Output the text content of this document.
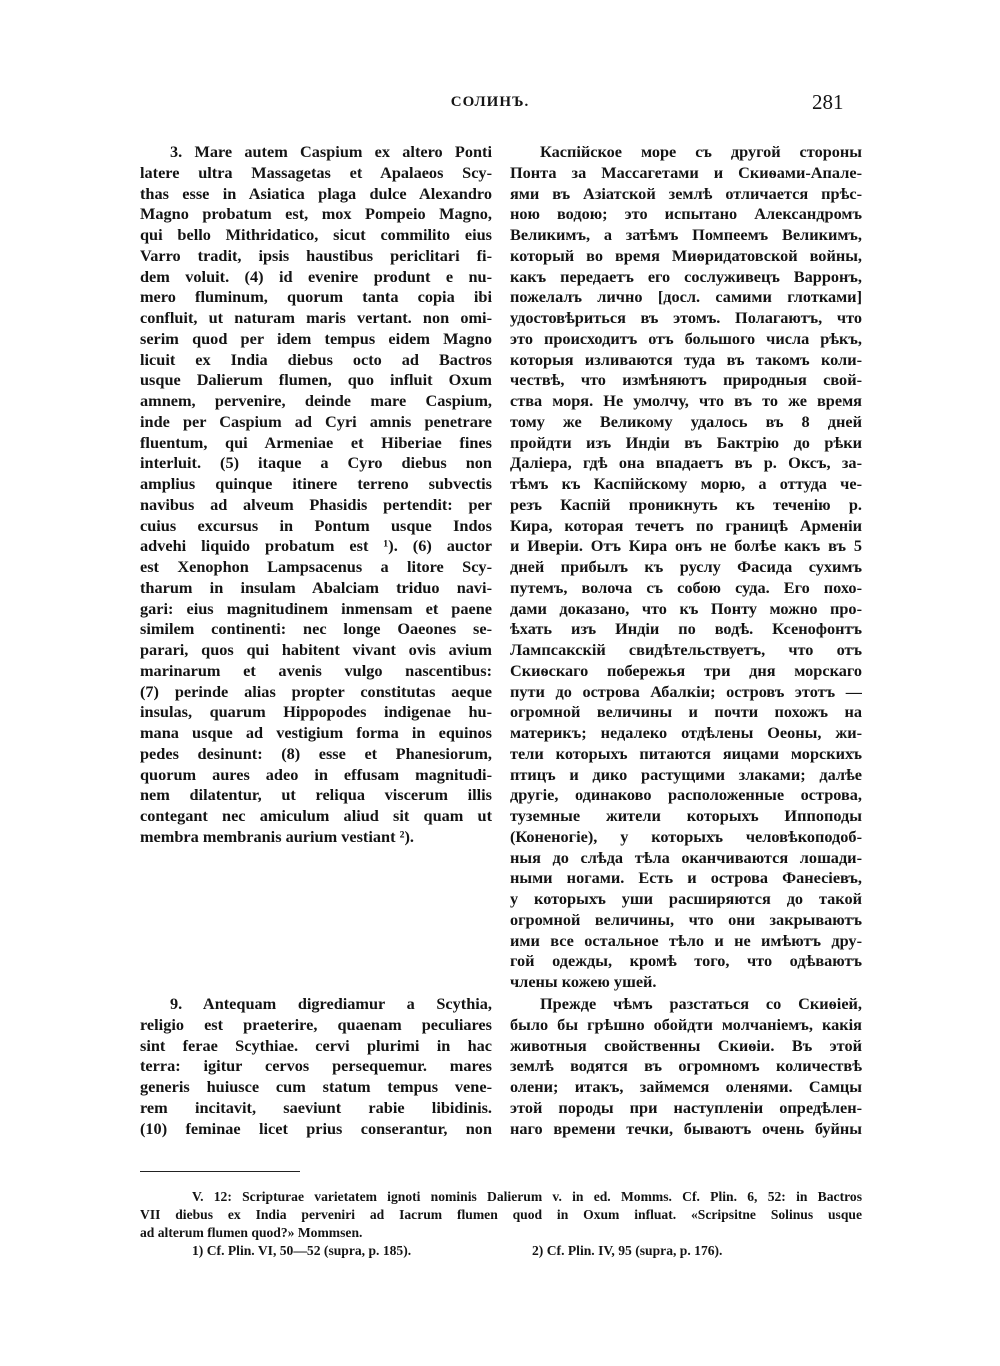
СОЛИНЪ.	281
3. Mare autem Caspium ex altero Ponti
latere ultra Massagetas et Apalaeos Scy-
thas esse in Asiatica plaga dulce Alexandro
Magno probatum est, mox Pompeio Magno,
qui bello Mithridatico, sicut commilito eius
Varro tradit, ipsis haustibus periclitari fi-
dem voluit. (4) id evenire produnt e nu-
mero fluminum, quorum tanta copia ibi
confluit, ut naturam maris vertant. non omi-
serim quod per idem tempus eidem Magno
licuit ex India diebus octo ad Bactros
usque Dalierum flumen, quo influit Oxum
amnem, pervenire, deinde mare Caspium,
inde per Caspium ad Cyri amnis penetrare
fluentum, qui Armeniae et Hiberiae fines
interluit. (5) itaque a Cyro diebus non
amplius quinque itinere terreno subvectis
navibus ad alveum Phasidis pertendit: per
cuius excursus in Pontum usque Indos
advehi liquido probatum est ¹). (6) auctor
est Xenophon Lampsacenus a litore Scy-
tharum in insulam Abalciam triduo navi-
gari: eius magnitudinem inmensam et paene
similem continenti: nec longe Oaeones se-
parari, quos qui habitent vivant ovis avium
marinarum et avenis vulgo nascentibus:
(7) perinde alias propter constitutas aeque
insulas, quarum Hippopodes indigenae hu-
mana usque ad vestigium forma in equinos
pedes desinunt: (8) esse et Phanesiorum,
quorum aures adeo in effusam magnitudi-
nem dilatentur, ut reliqua viscerum illis
contegant nec amiculum aliud sit quam ut
membra membranis aurium vestiant ²).
9. Antequam digrediamur a Scythia,
religio est praeterire, quaenam peculiares
sint ferae Scythiae. cervi plurimi in hac
terra: igitur cervos persequemur. mares
generis huiusce cum statum tempus vene-
rem incitavit, saeviunt rabie libidinis.
(10) feminae licet prius conserantur, non
Каспійское море съ другой стороны
Понта за Массагетами и Скиѳами-Апале-
ями въ Азіатской землѣ отличается прѣс-
ною водою; это испытано Александромъ
Великимъ, а затѣмъ Помпеемъ Великимъ,
который во время Миѳридатовской войны,
какъ передаетъ его сослуживецъ Варронъ,
пожелалъ лично [досл. самими глотками]
удостовѣриться въ этомъ. Полагаютъ, что
это происходитъ отъ большого числа рѣкъ,
которыя изливаются туда въ такомъ коли-
чествѣ, что измѣняютъ природныя свой-
ства моря. Не умолчу, что въ то же время
тому же Великому удалось въ 8 дней
пройдти изъ Индіи въ Бактрію до рѣки
Даліера, гдѣ она впадаетъ въ р. Оксъ, за-
тѣмъ къ Каспійскому морю, а оттуда че-
резъ Каспій проникнуть къ теченію р.
Кира, которая течетъ по границѣ Арменіи
и Иверіи. Отъ Кира онъ не болѣе какъ въ 5
дней прибылъ къ руслу Фасида сухимъ
путемъ, волоча съ собою суда. Его похо-
дами доказано, что къ Понту можно про-
ѣхать изъ Индіи по водѣ. Ксенофонтъ
Лампсакскій свидѣтельствуетъ, что отъ
Скиѳскаго побережья три дня морскаго
пути до острова Абалкіи; островъ этотъ —
огромной величины и почти похожъ на
материкъ; недалеко отдѣлены Оеоны, жи-
тели которыхъ питаются яицами морскихъ
птицъ и дико растущими злаками; далѣе
другіе, одинаково расположенные острова,
туземные жители которыхъ Иппоподы
(Коненогіе), у которыхъ человѣкоподоб-
ныя до слѣда тѣла оканчиваются лошади-
ными ногами. Есть и острова Фанесіевъ,
у которыхъ уши расширяются до такой
огромной величины, что они закрываютъ
ими все остальное тѣло и не имѣютъ дру-
гой одежды, кромѣ того, что одѣваютъ
члены кожею ушей.
Прежде чѣмъ разстаться со Скиѳіей,
было бы грѣшно обойдти молчаніемъ, какія
животныя свойственны Скиѳіи. Въ этой
землѣ водятся въ огромномъ количествѣ
олени; итакъ, займемся оленями. Самцы
этой породы при наступленіи опредѣлен-
наго времени течки, бываютъ очень буйны
V. 12: Scripturae varietatem ignoti nominis Dalierum v. in ed. Momms. Cf. Plin. 6, 52: in Bactros
VII diebus ex India perveniri ad Iacrum flumen quod in Oxum influat. «Scripsitne Solinus usque
ad alterum flumen quod?» Mommsen.
1) Cf. Plin. VI, 50—52 (supra, p. 185).	2) Cf. Plin. IV, 95 (supra, p. 176).
